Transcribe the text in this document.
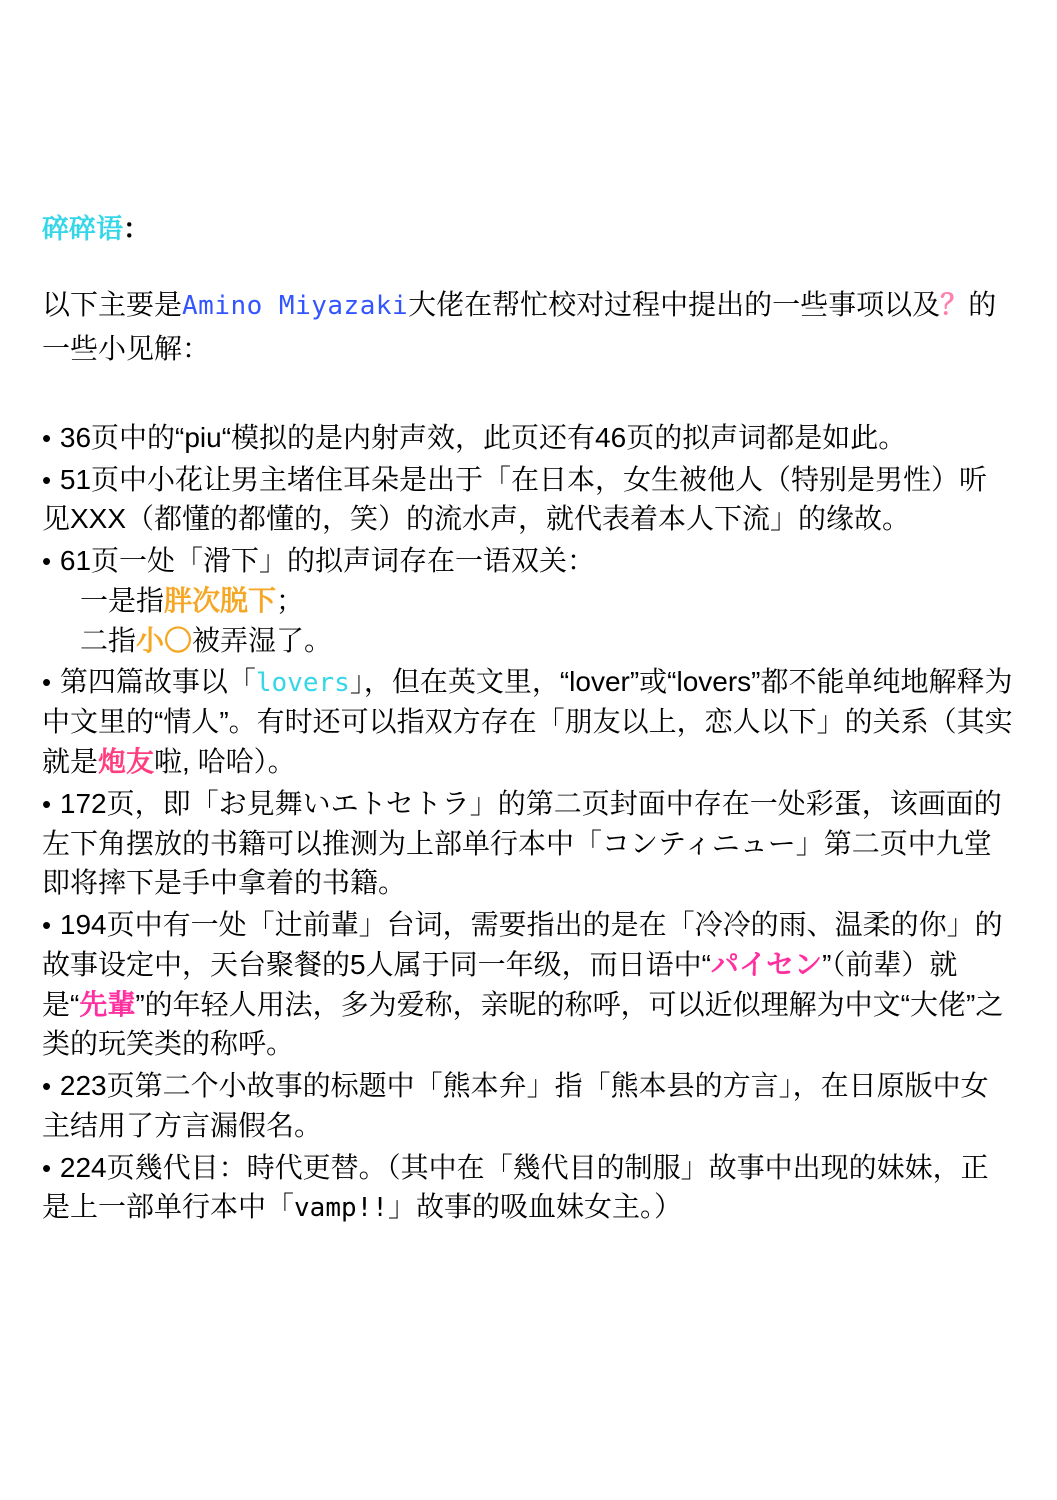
碎碎语：

以下主要是Amino Miyazaki大佬在帮忙校对过程中提出的一些事项以及？的一些小见解：

• 36页中的“piu“模拟的是内射声效，此页还有46页的拟声词都是如此。
• 51页中小花让男主堵住耳朵是出于「在日本，女生被他人（特别是男性）听见XXX（都懂的都懂的，笑）的流水声，就代表着本人下流」的缘故。
• 61页一处「滑下」的拟声词存在一语双关：
一是指胖次脱下；
二指小〇被弄湿了。
• 第四篇故事以「lovers」，但在英文里，“lover”或“lovers”都不能单纯地解释为中文里的“情人”。有时还可以指双方存在「朋友以上，恋人以下」的关系（其实就是炮友啦, 哈哈）。
• 172页，即「お見舞いエトセトラ」的第二页封面中存在一处彩蛋，该画面的左下角摆放的书籍可以推测为上部单行本中「コンティニュー」第二页中九堂即将摔下是手中拿着的书籍。
• 194页中有一处「辻前輩」台词，需要指出的是在「冷冷的雨、温柔的你」的故事设定中，天台聚餐的5人属于同一年级，而日语中“パイセン”（前辈）就是“先輩”的年轻人用法，多为爱称，亲昵的称呼，可以近似理解为中文“大佬”之类的玩笑类的称呼。
• 223页第二个小故事的标题中「熊本弁」指「熊本县的方言」，在日原版中女主结用了方言漏假名。
• 224页幾代目：時代更替。（其中在「幾代目的制服」故事中出现的妹妹，正是上一部单行本中「vamp!!」故事的吸血妹女主。）
